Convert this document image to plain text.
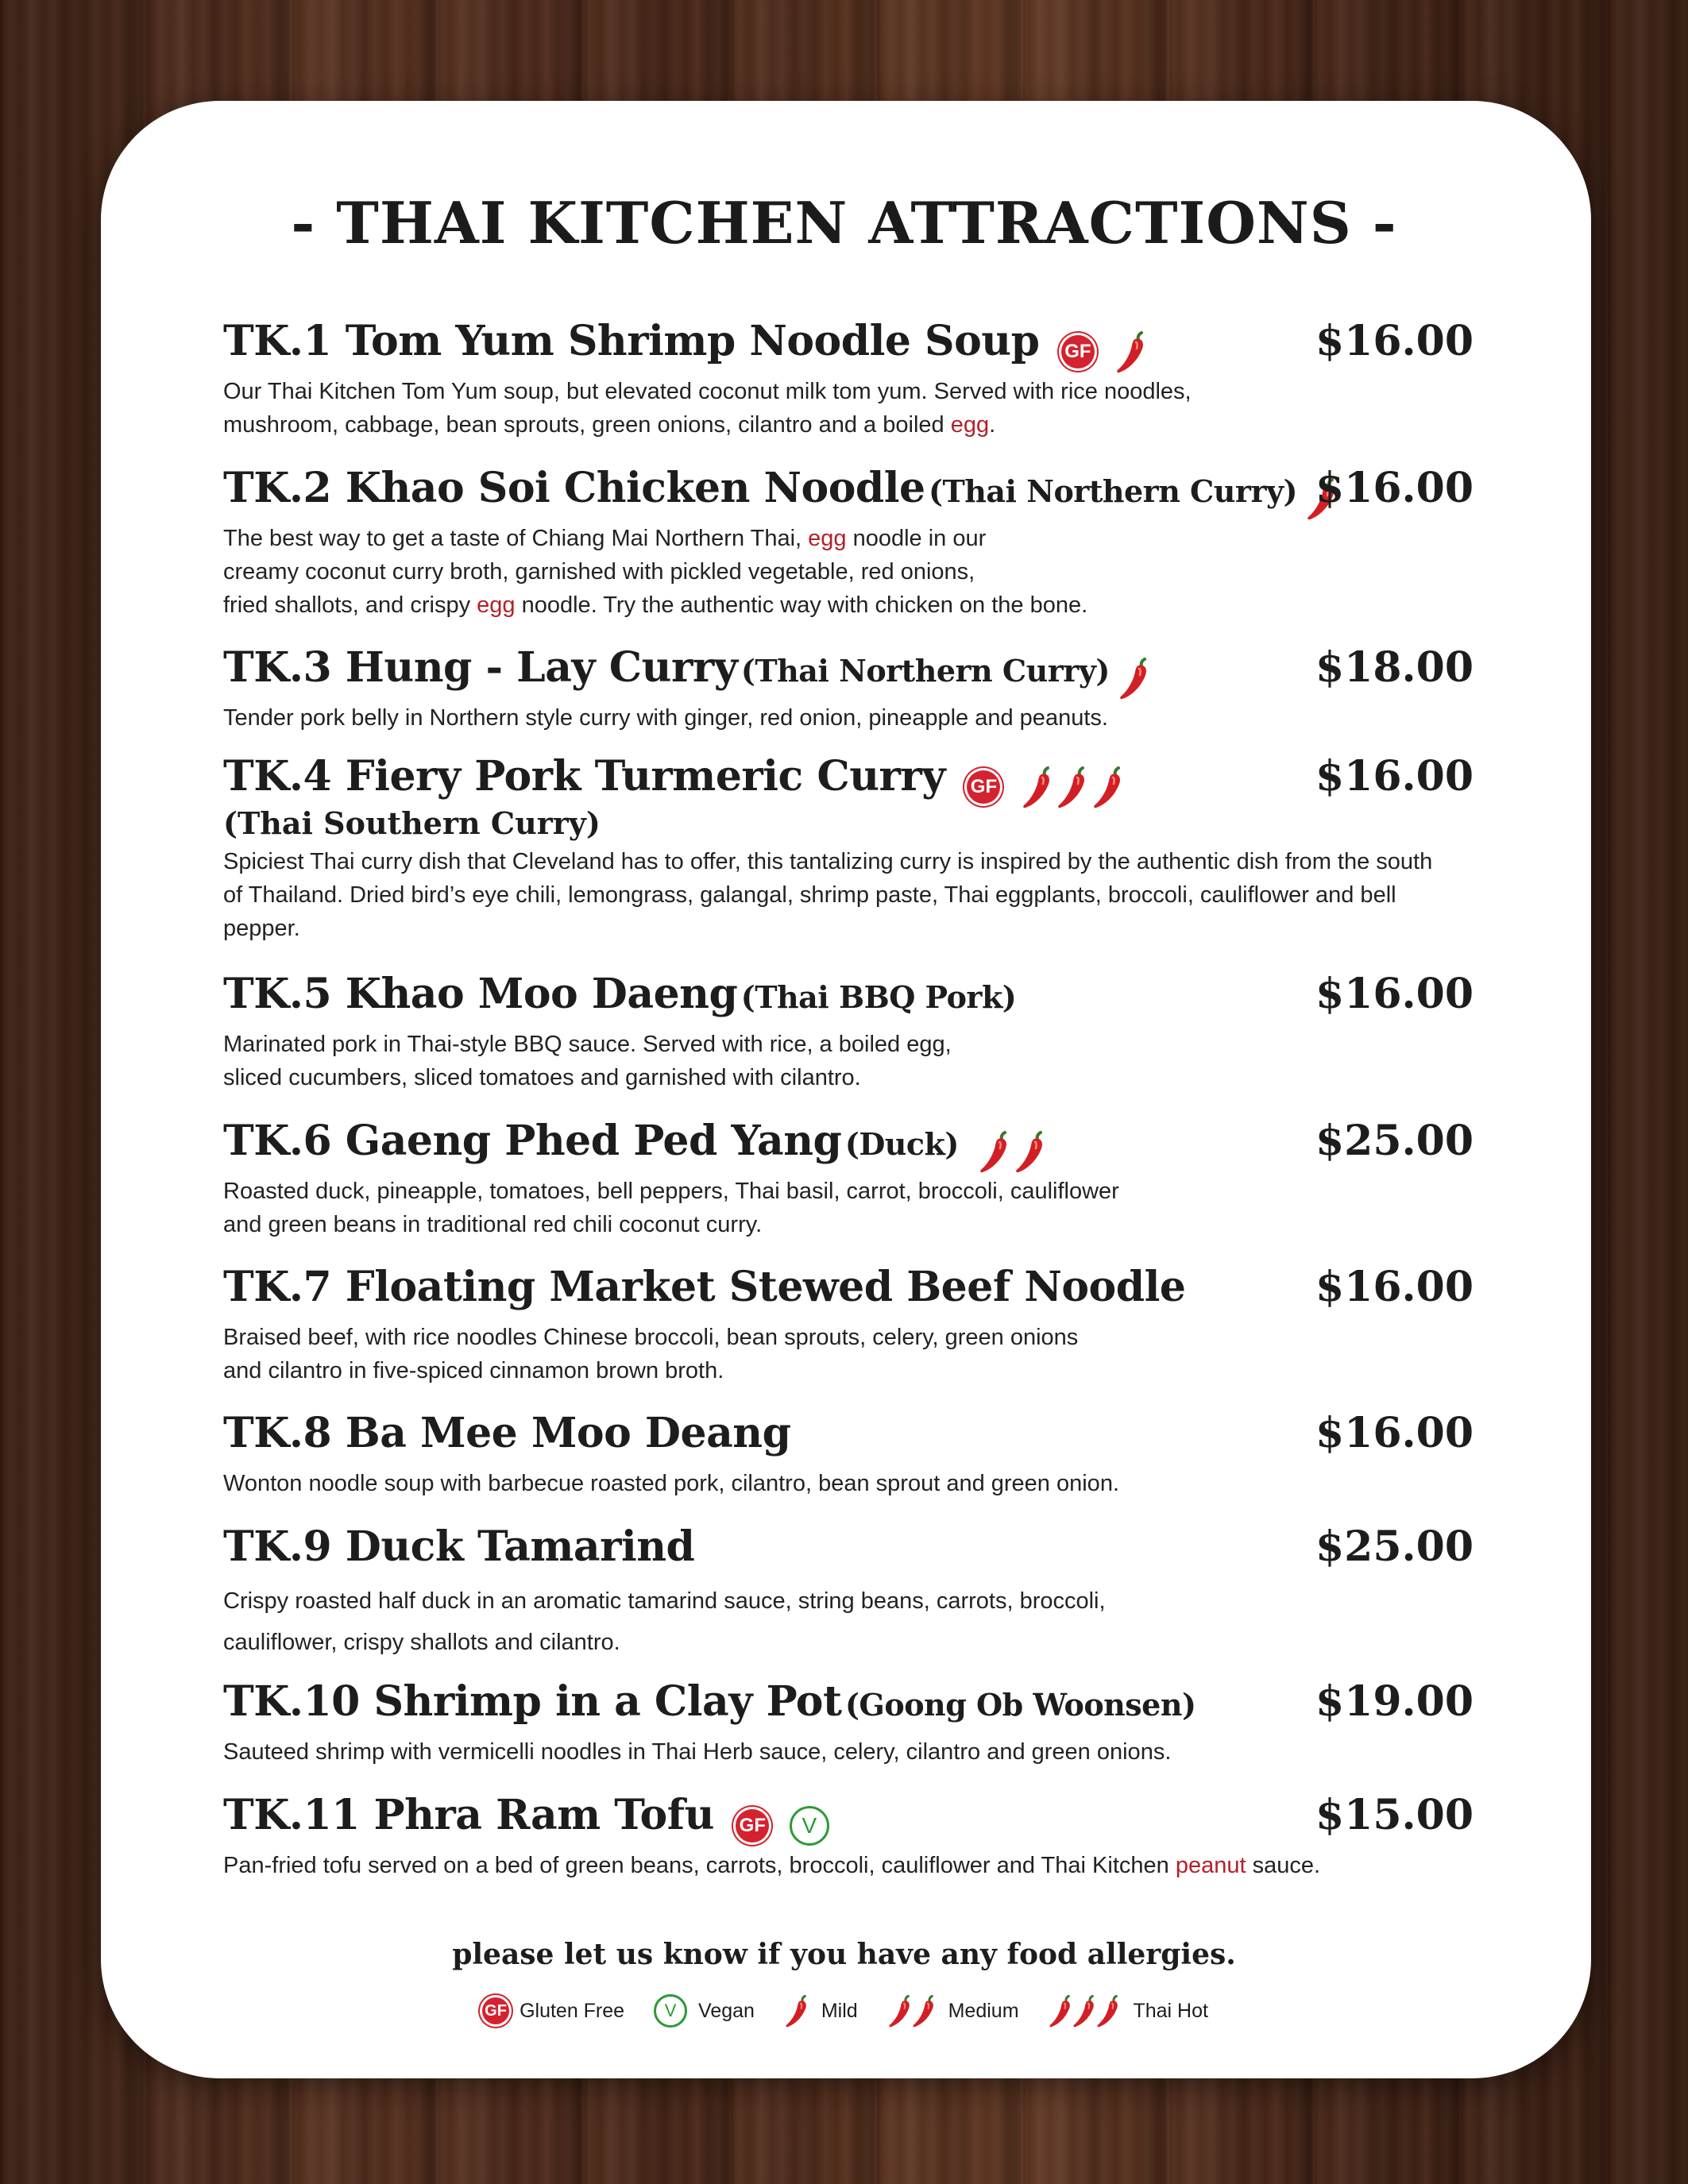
- THAI KITCHEN ATTRACTIONS -
TK.1 Tom Yum Shrimp Noodle Soup GF	$16.00
Our Thai Kitchen Tom Yum soup, but elevated coconut milk tom yum. Served with rice noodles, mushroom, cabbage, bean sprouts, green onions, cilantro and a boiled egg.
TK.2 Khao Soi Chicken Noodle (Thai Northern Curry) $16.00
The best way to get a taste of Chiang Mai Northern Thai, egg noodle in our
creamy coconut curry broth, garnished with pickled vegetable, red onions,
fried shallots, and crispy egg noodle. Try the authentic way with chicken on the bone.
TK.3 Hung - Lay Curry (Thai Northern Curry)	$18.00
Tender pork belly in Northern style curry with ginger, red onion, pineapple and peanuts.
TK.4 Fiery Pork Turmeric Curry GF	$16.00
(Thai Southern Curry)
Spiciest Thai curry dish that Cleveland has to offer, this tantalizing curry is inspired by the authentic dish from the south of Thailand. Dried bird’s eye chili, lemongrass, galangal, shrimp paste, Thai eggplants, broccoli, cauliflower and bell pepper.
TK.5 Khao Moo Daeng (Thai BBQ Pork)	$16.00
Marinated pork in Thai-style BBQ sauce. Served with rice, a boiled egg,
sliced cucumbers, sliced tomatoes and garnished with cilantro.
TK.6 Gaeng Phed Ped Yang (Duck)	$25.00
Roasted duck, pineapple, tomatoes, bell peppers, Thai basil, carrot, broccoli, cauliflower
and green beans in traditional red chili coconut curry.
TK.7 Floating Market Stewed Beef Noodle	$16.00
Braised beef, with rice noodles Chinese broccoli, bean sprouts, celery, green onions
and cilantro in five-spiced cinnamon brown broth.
TK.8 Ba Mee Moo Deang	$16.00
Wonton noodle soup with barbecue roasted pork, cilantro, bean sprout and green onion.
TK.9 Duck Tamarind	$25.00
Crispy roasted half duck in an aromatic tamarind sauce, string beans, carrots, broccoli,
cauliflower, crispy shallots and cilantro.
TK.10 Shrimp in a Clay Pot (Goong Ob Woonsen)	$19.00
Sauteed shrimp with vermicelli noodles in Thai Herb sauce, celery, cilantro and green onions.
TK.11 Phra Ram Tofu GF V	$15.00
Pan-fried tofu served on a bed of green beans, carrots, broccoli, cauliflower and Thai Kitchen peanut sauce.
please let us know if you have any food allergies.
GF Gluten Free V Vegan	Mild	Medium	Thai Hot
